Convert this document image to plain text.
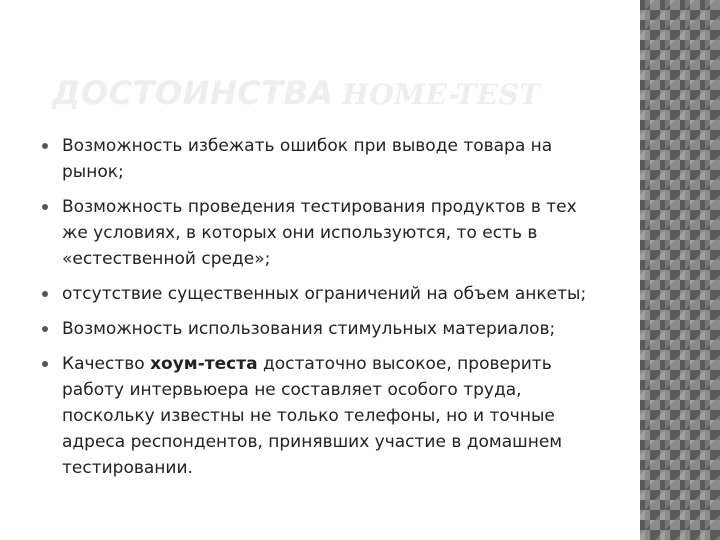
ДОСТОИНСТВА HOME-TEST
Возможность избежать ошибок при выводе товара на рынок;
Возможность проведения тестирования продуктов в тех же условиях, в которых они используются, то есть в «естественной среде»;
отсутствие существенных ограничений на объем анкеты;
Возможность использования стимульных материалов;
Качество хоум-теста достаточно высокое, проверить работу интервьюера не составляет особого труда, поскольку известны не только телефоны, но и точные адреса респондентов, принявших участие в домашнем тестировании.
